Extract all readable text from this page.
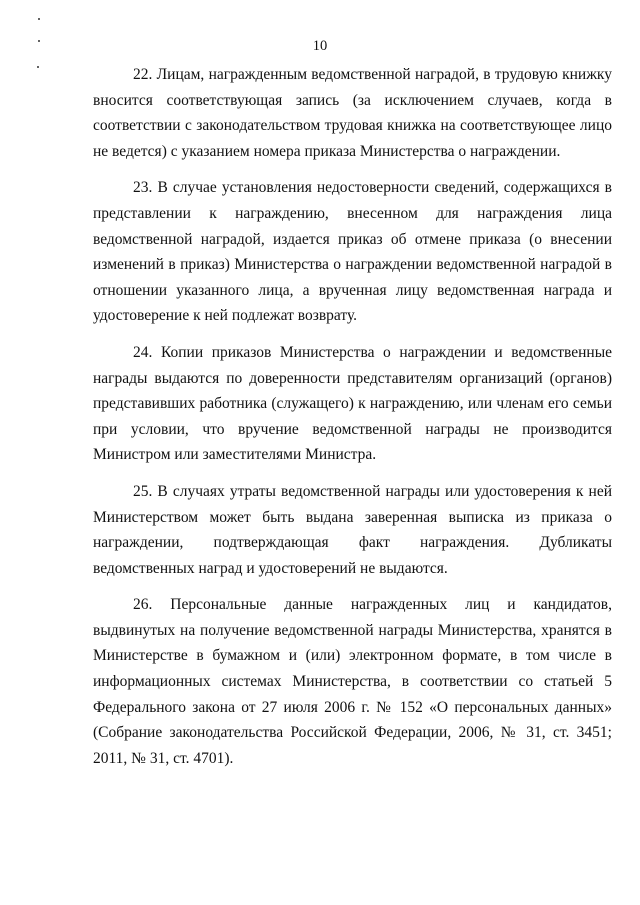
10

22. Лицам, награжденным ведомственной наградой, в трудовую книжку вносится соответствующая запись (за исключением случаев, когда в соответствии с законодательством трудовая книжка на соответствующее лицо не ведется) с указанием номера приказа Министерства о награждении.

23. В случае установления недостоверности сведений, содержащихся в представлении к награждению, внесенном для награждения лица ведомственной наградой, издается приказ об отмене приказа (о внесении изменений в приказ) Министерства о награждении ведомственной наградой в отношении указанного лица, а врученная лицу ведомственная награда и удостоверение к ней подлежат возврату.

24. Копии приказов Министерства о награждении и ведомственные награды выдаются по доверенности представителям организаций (органов) представивших работника (служащего) к награждению, или членам его семьи при условии, что вручение ведомственной награды не производится Министром или заместителями Министра.

25. В случаях утраты ведомственной награды или удостоверения к ней Министерством может быть выдана заверенная выписка из приказа о награждении, подтверждающая факт награждения. Дубликаты ведомственных наград и удостоверений не выдаются.

26. Персональные данные награжденных лиц и кандидатов, выдвинутых на получение ведомственной награды Министерства, хранятся в Министерстве в бумажном и (или) электронном формате, в том числе в информационных системах Министерства, в соответствии со статьей 5 Федерального закона от 27 июля 2006 г. № 152 «О персональных данных» (Собрание законодательства Российской Федерации, 2006, № 31, ст. 3451; 2011, № 31, ст. 4701).
